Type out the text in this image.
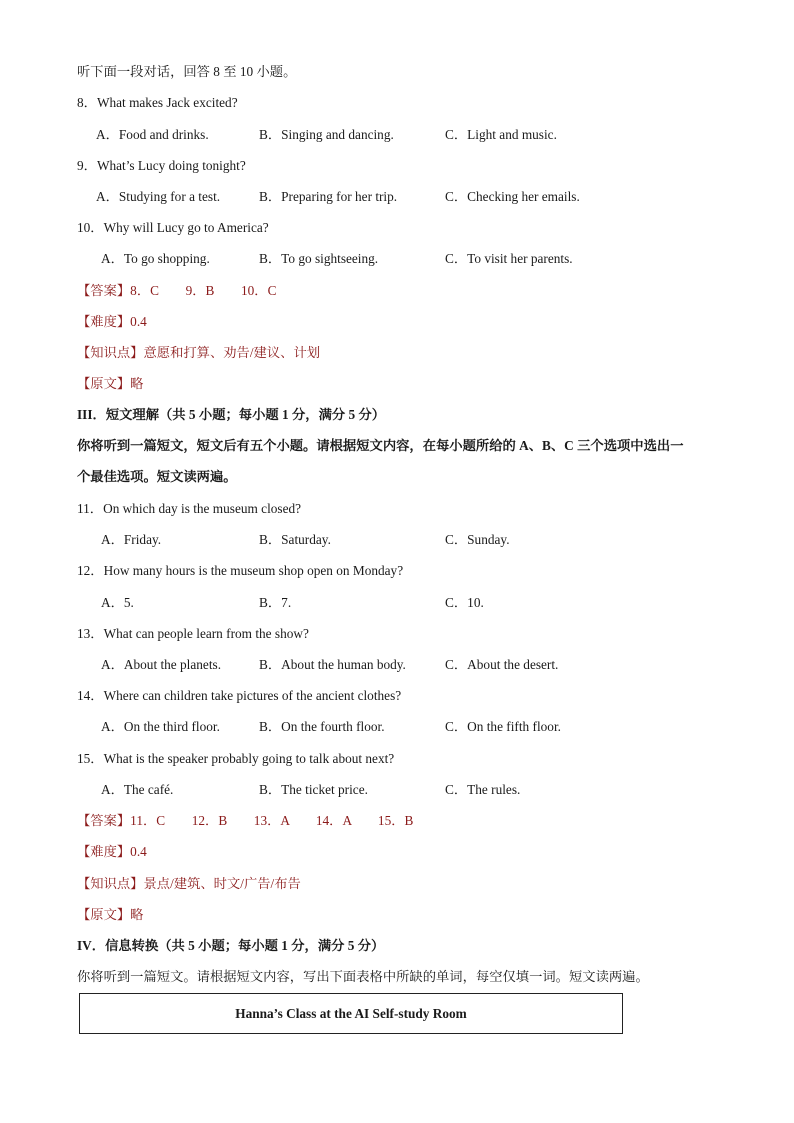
听下面一段对话，回答 8 至 10 小题。
8．What makes Jack excited?
A．Food and drinks.	B．Singing and dancing.	C．Light and music.
9．What’s Lucy doing tonight?
A．Studying for a test.	B．Preparing for her trip.	C．Checking her emails.
10．Why will Lucy go to America?
A．To go shopping.	B．To go sightseeing.	C．To visit her parents.
【答案】8．C　　9．B　　10．C
【难度】0.4
【知识点】意愿和打算、劝告/建议、计划
【原文】略
III．短文理解（共 5 小题；每小题 1 分，满分 5 分）
你将听到一篇短文，短文后有五个小题。请根据短文内容，在每小题所给的 A、B、C 三个选项中选出一
个最佳选项。短文读两遍。
11．On which day is the museum closed?
A．Friday.	B．Saturday.	C．Sunday.
12．How many hours is the museum shop open on Monday?
A．5.	B．7.	C．10.
13．What can people learn from the show?
A．About the planets.	B．About the human body.	C．About the desert.
14．Where can children take pictures of the ancient clothes?
A．On the third floor.	B．On the fourth floor.	C．On the fifth floor.
15．What is the speaker probably going to talk about next?
A．The café.	B．The ticket price.	C．The rules.
【答案】11．C　　12．B　　13．A　　14．A　　15．B
【难度】0.4
【知识点】景点/建筑、时文/广告/布告
【原文】略
IV．信息转换（共 5 小题；每小题 1 分，满分 5 分）
你将听到一篇短文。请根据短文内容，写出下面表格中所缺的单词，每空仅填一词。短文读两遍。
Hanna’s Class at the AI Self-study Room
